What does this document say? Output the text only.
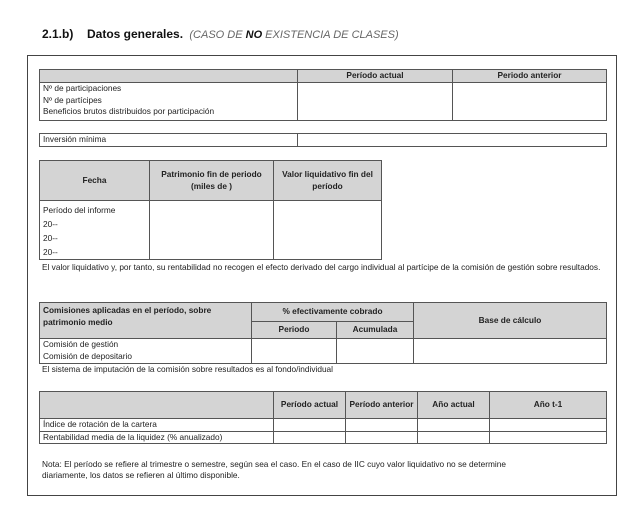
2.1.b) Datos generales. (CASO DE NO EXISTENCIA DE CLASES)
	Período actual	Periodo anterior

Nº de participaciones
Nº de partícipes
Beneficios brutos distribuidos por participación		

Inversión mínima	
Fecha	Patrimonio fin de periodo (miles de )	Valor liquidativo fin del período

Período del informe
20--
20--
20--		

El valor liquidativo y, por tanto, su rentabilidad no recogen el efecto derivado del cargo individual al partícipe de la comisión de gestión sobre resultados.
Comisiones aplicadas en el período, sobre patrimonio medio	% efectivamente cobrado		Base de cálculo
	Periodo	Acumulada	

Comisión de gestión
Comisión de depositario			

El sistema de imputación de la comisión sobre resultados es al fondo/individual
	Período actual	Período anterior	Año actual	Año t-1
Índice de rotación de la cartera				
Rentabilidad media de la liquidez (% anualizado)				
Nota: El período se refiere al trimestre o semestre, según sea el caso. En el caso de IIC cuyo valor liquidativo no se determine diariamente, los datos se refieren al último disponible.
